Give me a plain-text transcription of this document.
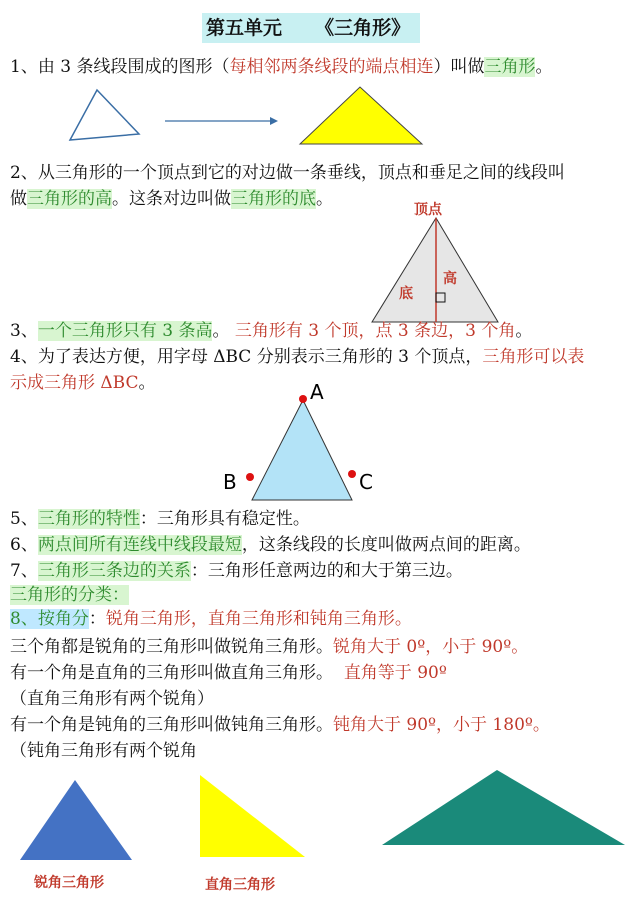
第五单元 《三角形》
1、由 3 条线段围成的图形（每相邻两条线段的端点相连）叫做三角形。
2、从三角形的一个顶点到它的对边做一条垂线，顶点和垂足之间的线段叫
做三角形的高。这条对边叫做三角形的底。
顶点
高
底
3、一个三角形只有 3 条高。 三角形有 3 个顶，点 3 条边，3 个角。
4、为了表达方便，用字母 ΔBC 分别表示三角形的 3 个顶点，三角形可以表
示成三角形 ΔBC。	A
B	C
5、三角形的特性：三角形具有稳定性。
6、两点间所有连线中线段最短，这条线段的长度叫做两点间的距离。
7、三角形三条边的关系：三角形任意两边的和大于第三边。
三角形的分类：
8、按角分：锐角三角形，直角三角形和钝角三角形。
三个角都是锐角的三角形叫做锐角三角形。锐角大于 0º，小于 90º。
有一个角是直角的三角形叫做直角三角形。 直角等于 90º
（直角三角形有两个锐角）
有一个角是钝角的三角形叫做钝角三角形。钝角大于 90º，小于 180º。
（钝角三角形有两个锐角
锐角三角形	直角三角形
